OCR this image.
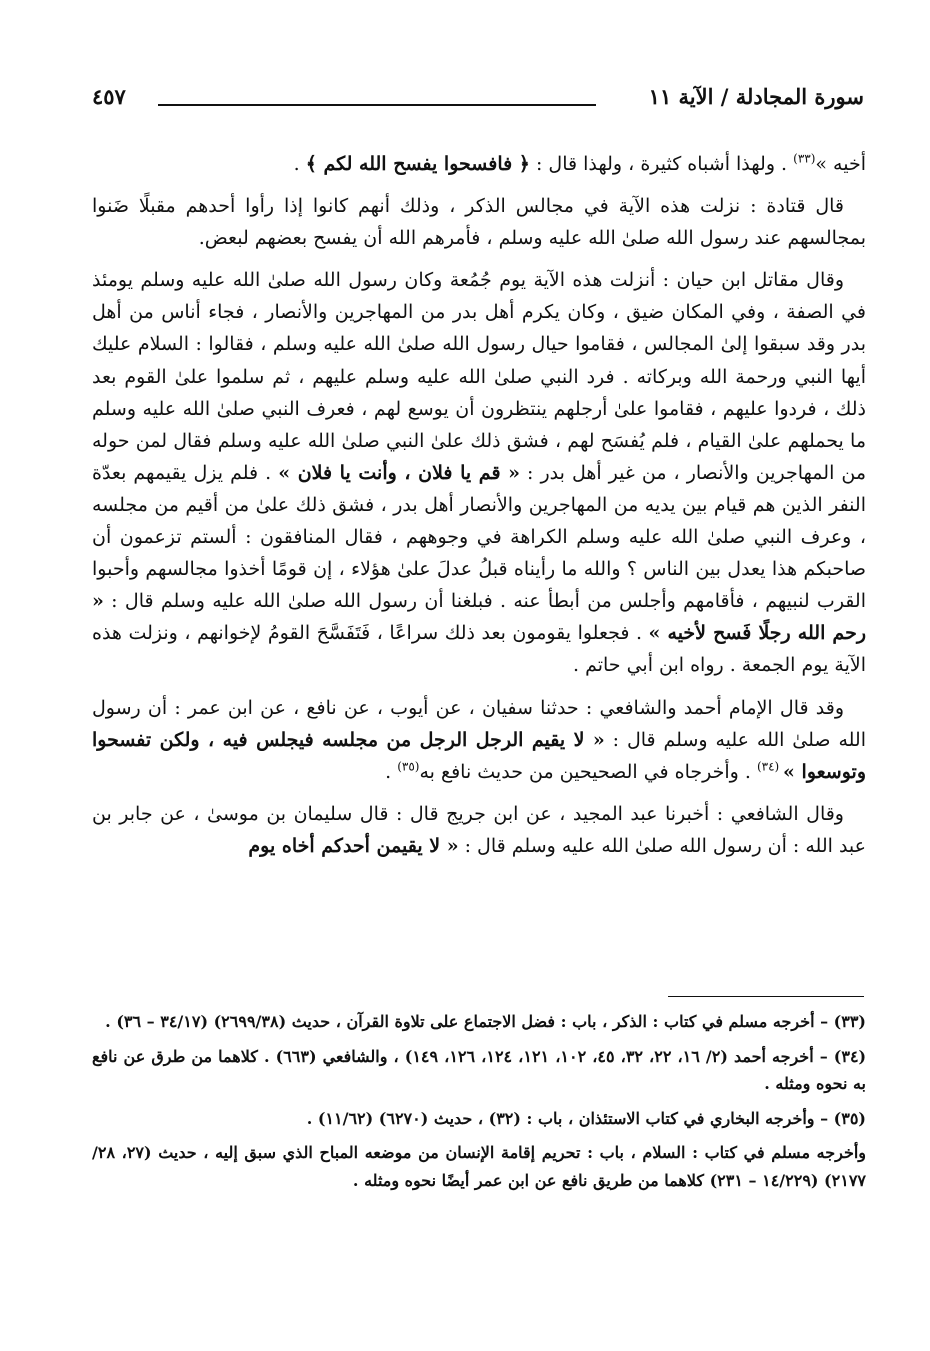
سورة المجادلة / الآية ١١
٤٥٧

أخيه »$^{(٣٣)}$ . ولهذا أشباه كثيرة ، ولهذا قال : ﴿ فافسحوا يفسح الله لكم ﴾ .

قال قتادة : نزلت هذه الآية في مجالس الذكر ، وذلك أنهم كانوا إذا رأوا أحدهم مقبلًا ضَنوا بمجالسهم عند رسول الله صلىٰ الله عليه وسلم ، فأمرهم الله أن يفسح بعضهم لبعض.

وقال مقاتل ابن حيان : أنزلت هذه الآية يوم جُمُعة وكان رسول الله صلىٰ الله عليه وسلم يومئذ في الصفة ، وفي المكان ضيق ، وكان يكرم أهل بدر من المهاجرين والأنصار ، فجاء أناس من أهل بدر وقد سبقوا إلىٰ المجالس ، فقاموا حيال رسول الله صلىٰ الله عليه وسلم ، فقالوا : السلام عليك أيها النبي ورحمة الله وبركاته . فرد النبي صلىٰ الله عليه وسلم عليهم ، ثم سلموا علىٰ القوم بعد ذلك ، فردوا عليهم ، فقاموا علىٰ أرجلهم ينتظرون أن يوسع لهم ، فعرف النبي صلىٰ الله عليه وسلم ما يحملهم علىٰ القيام ، فلم يُفسَح لهم ، فشق ذلك علىٰ النبي صلىٰ الله عليه وسلم فقال لمن حوله من المهاجرين والأنصار ، من غير أهل بدر : « قم يا فلان ، وأنت يا فلان » . فلم يزل يقيمهم بعدّة النفر الذين هم قيام بين يديه من المهاجرين والأنصار أهل بدر ، فشق ذلك علىٰ من أقيم من مجلسه ، وعرف النبي صلىٰ الله عليه وسلم الكراهة في وجوههم ، فقال المنافقون : ألستم تزعمون أن صاحبكم هذا يعدل بين الناس ؟ والله ما رأيناه قبلُ عدلَ علىٰ هؤلاء ، إن قومًا أخذوا مجالسهم وأحبوا القرب لنبيهم ، فأقامهم وأجلس من أبطأ عنه . فبلغنا أن رسول الله صلىٰ الله عليه وسلم قال : « رحم الله رجلًا فَسح لأخيه » . فجعلوا يقومون بعد ذلك سراعًا ، فَتَفَسَّحَ القومُ لإخوانهم ، ونزلت هذه الآية يوم الجمعة . رواه ابن أبي حاتم .

وقد قال الإمام أحمد والشافعي : حدثنا سفيان ، عن أيوب ، عن نافع ، عن ابن عمر : أن رسول الله صلىٰ الله عليه وسلم قال : « لا يقيم الرجل الرجل من مجلسه فيجلس فيه ، ولكن تفسحوا وتوسعوا » $^{(٣٤)}$ . وأخرجاه في الصحيحين من حديث نافع به$^{(٣٥)}$ .

وقال الشافعي : أخبرنا عبد المجيد ، عن ابن جريج قال : قال سليمان بن موسىٰ ، عن جابر بن عبد الله : أن رسول الله صلىٰ الله عليه وسلم قال : « لا يقيمن أحدكم أخاه يوم

(٣٣) – أخرجه مسلم في كتاب : الذكر ، باب : فضل الاجتماع على تلاوة القرآن ، حديث (٢٦٩٩/٣٨) (٣٤/١٧ – ٣٦) .

(٣٤) – أخرجه أحمد (٢/ ١٦، ٢٢، ٣٢، ٤٥، ١٠٢، ١٢١، ١٢٤، ١٢٦، ١٤٩) ، والشافعي (٦٦٣) . كلاهما من طرق عن نافع به نحوه ومثله .

(٣٥) – وأخرجه البخاري في كتاب الاستئذان ، باب : (٣٢) ، حديث (٦٢٧٠) (١١/٦٢) .

وأخرجه مسلم في كتاب : السلام ، باب : تحريم إقامة الإنسان من موضعه المباح الذي سبق إليه ، حديث (٢٧، ٢٨/ ٢١٧٧) (١٤/٢٢٩ – ٢٣١) كلاهما من طريق نافع عن ابن عمر أيضًا نحوه ومثله .
